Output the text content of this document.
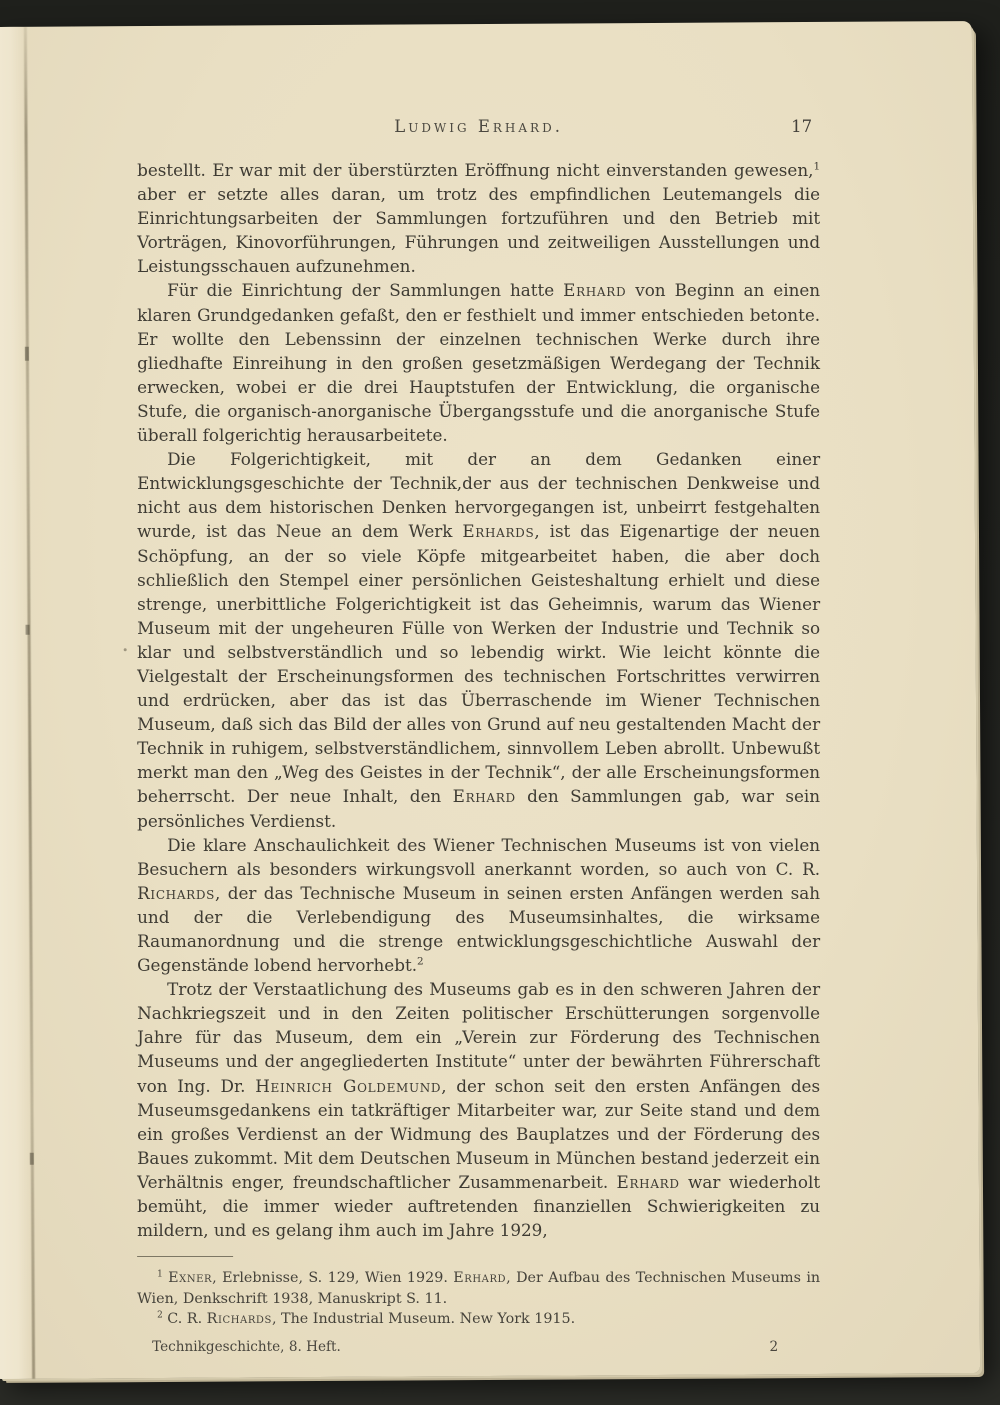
Ludwig Erhard.	17

bestellt. Er war mit der überstürzten Eröffnung nicht einverstanden gewesen,$^1$ aber er setzte alles daran, um trotz des empfindlichen Leutemangels die Einrichtungsarbeiten der Sammlungen fortzuführen und den Betrieb mit Vorträgen, Kinovorführungen, Führungen und zeitweiligen Ausstellungen und Leistungsschauen aufzunehmen.

Für die Einrichtung der Sammlungen hatte Erhard von Beginn an einen klaren Grundgedanken gefaßt, den er festhielt und immer entschieden betonte. Er wollte den Lebenssinn der einzelnen technischen Werke durch ihre gliedhafte Einreihung in den großen gesetzmäßigen Werdegang der Technik erwecken, wobei er die drei Hauptstufen der Entwicklung, die organische Stufe, die organisch-anorganische Übergangsstufe und die anorganische Stufe überall folgerichtig herausarbeitete.

Die Folgerichtigkeit, mit der an dem Gedanken einer Entwicklungsgeschichte der Technik,der aus der technischen Denkweise und nicht aus dem historischen Denken hervorgegangen ist, unbeirrt festgehalten wurde, ist das Neue an dem Werk Erhards, ist das Eigenartige der neuen Schöpfung, an der so viele Köpfe mitgearbeitet haben, die aber doch schließlich den Stempel einer persönlichen Geisteshaltung erhielt und diese strenge, unerbittliche Folgerichtigkeit ist das Geheimnis, warum das Wiener Museum mit der ungeheuren Fülle von Werken der Industrie und Technik so klar und selbstverständlich und so lebendig wirkt. Wie leicht könnte die Vielgestalt der Erscheinungsformen des technischen Fortschrittes verwirren und erdrücken, aber das ist das Überraschende im Wiener Technischen Museum, daß sich das Bild der alles von Grund auf neu gestaltenden Macht der Technik in ruhigem, selbstverständlichem, sinnvollem Leben abrollt. Unbewußt merkt man den „Weg des Geistes in der Technik“, der alle Erscheinungsformen beherrscht. Der neue Inhalt, den Erhard den Sammlungen gab, war sein persönliches Verdienst.

Die klare Anschaulichkeit des Wiener Technischen Museums ist von vielen Besuchern als besonders wirkungsvoll anerkannt worden, so auch von C. R. Richards, der das Technische Museum in seinen ersten Anfängen werden sah und der die Verlebendigung des Museumsinhaltes, die wirksame Raumanordnung und die strenge entwicklungsgeschichtliche Auswahl der Gegenstände lobend hervorhebt.$^2$

Trotz der Verstaatlichung des Museums gab es in den schweren Jahren der Nachkriegszeit und in den Zeiten politischer Erschütterungen sorgenvolle Jahre für das Museum, dem ein „Verein zur Förderung des Technischen Museums und der angegliederten Institute“ unter der bewährten Führerschaft von Ing. Dr. Heinrich Goldemund, der schon seit den ersten Anfängen des Museumsgedankens ein tatkräftiger Mitarbeiter war, zur Seite stand und dem ein großes Verdienst an der Widmung des Bauplatzes und der Förderung des Baues zukommt. Mit dem Deutschen Museum in München bestand jederzeit ein Verhältnis enger, freundschaftlicher Zusammenarbeit. Erhard war wiederholt bemüht, die immer wieder auftretenden finanziellen Schwierigkeiten zu mildern, und es gelang ihm auch im Jahre 1929,

$^1$ Exner, Erlebnisse, S. 129, Wien 1929. Erhard, Der Aufbau des Technischen Museums in Wien, Denkschrift 1938, Manuskript S. 11.

$^2$ C. R. Richards, The Industrial Museum. New York 1915.

Technikgeschichte, 8. Heft.	2
